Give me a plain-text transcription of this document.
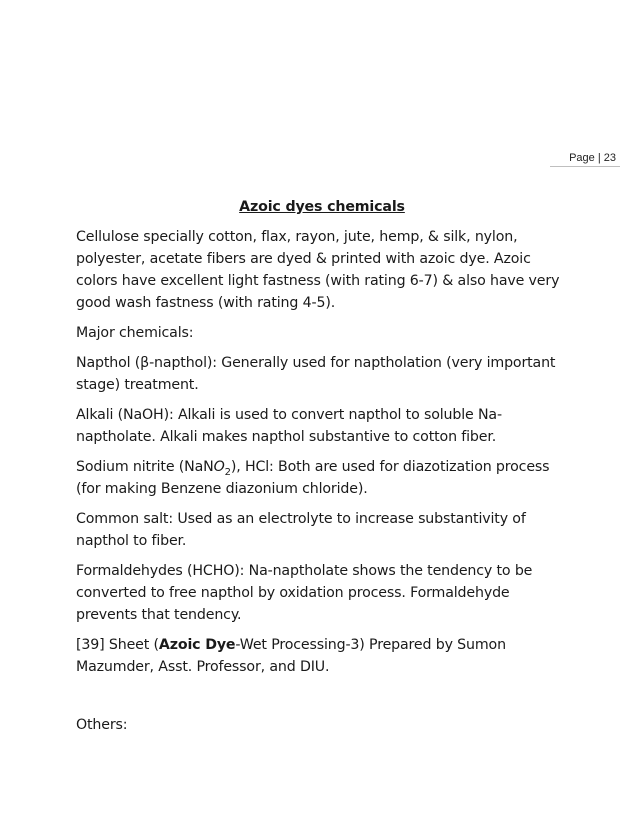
Page | 23

Azoic dyes chemicals

Cellulose specially cotton, flax, rayon, jute, hemp, & silk, nylon, polyester, acetate fibers are dyed & printed with azoic dye. Azoic colors have excellent light fastness (with rating 6-7) & also have very good wash fastness (with rating 4-5).

Major chemicals:

Napthol (β-napthol): Generally used for naptholation (very important stage) treatment.

Alkali (NaOH): Alkali is used to convert napthol to soluble Na-naptholate. Alkali makes napthol substantive to cotton fiber.

Sodium nitrite (NaNO$_2$), HCl: Both are used for diazotization process (for making Benzene diazonium chloride).

Common salt: Used as an electrolyte to increase substantivity of napthol to fiber.

Formaldehydes (HCHO): Na-naptholate shows the tendency to be converted to free napthol by oxidation process. Formaldehyde prevents that tendency.

[39] Sheet (Azoic Dye-Wet Processing-3) Prepared by Sumon Mazumder, Asst. Professor, and DIU.

Others:
